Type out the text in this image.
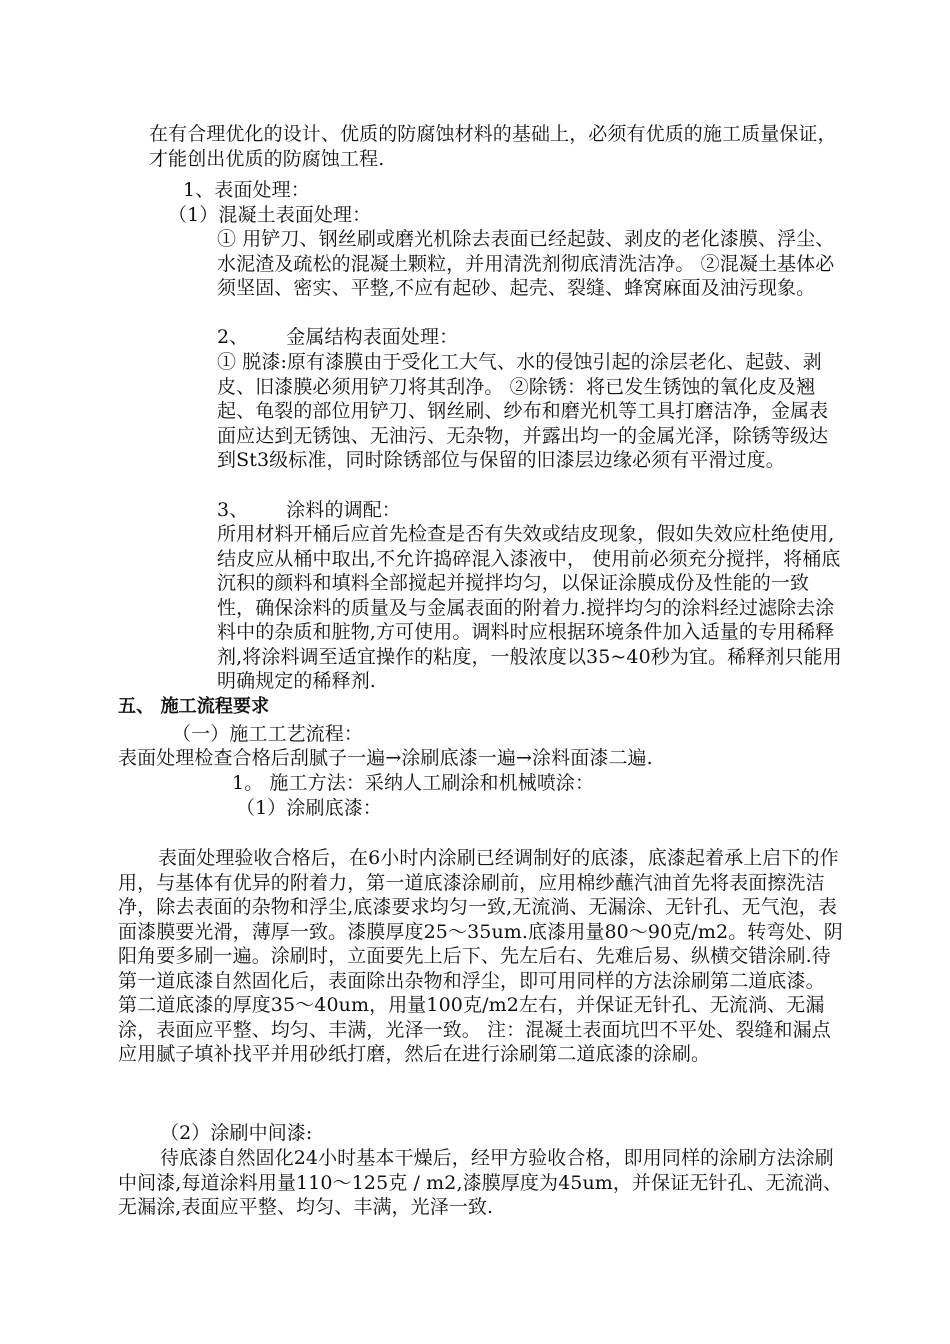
在有合理优化的设计、优质的防腐蚀材料的基础上，必须有优质的施工质量保证，才能创出优质的防腐蚀工程.

1、表面处理：

（1）混凝土表面处理：

① 用铲刀、钢丝刷或磨光机除去表面已经起鼓、剥皮的老化漆膜、浮尘、水泥渣及疏松的混凝土颗粒，并用清洗剂彻底清洗洁净。 ②混凝土基体必须坚固、密实、平整,不应有起砂、起壳、裂缝、蜂窝麻面及油污现象。

2、 金属结构表面处理：

① 脱漆:原有漆膜由于受化工大气、水的侵蚀引起的涂层老化、起鼓、剥皮、旧漆膜必须用铲刀将其刮净。 ②除锈：将已发生锈蚀的氧化皮及翘起、龟裂的部位用铲刀、钢丝刷、纱布和磨光机等工具打磨洁净，金属表面应达到无锈蚀、无油污、无杂物，并露出均一的金属光泽，除锈等级达到St3级标准，同时除锈部位与保留的旧漆层边缘必须有平滑过度。

3、 涂料的调配：

所用材料开桶后应首先检查是否有失效或结皮现象，假如失效应杜绝使用,结皮应从桶中取出,不允许捣碎混入漆液中， 使用前必须充分搅拌，将桶底沉积的颜料和填料全部搅起并搅拌均匀，以保证涂膜成份及性能的一致性，确保涂料的质量及与金属表面的附着力.搅拌均匀的涂料经过滤除去涂料中的杂质和脏物,方可使用。调料时应根据环境条件加入适量的专用稀释剂,将涂料调至适宜操作的粘度，一般浓度以35~40秒为宜。稀释剂只能用明确规定的稀释剂.

五、 施工流程要求

（一）施工工艺流程：

表面处理检查合格后刮腻子一遍→涂刷底漆一遍→涂料面漆二遍.

1。 施工方法：采纳人工刷涂和机械喷涂：

（1）涂刷底漆：

表面处理验收合格后，在6小时内涂刷已经调制好的底漆，底漆起着承上启下的作用，与基体有优异的附着力，第一道底漆涂刷前，应用棉纱蘸汽油首先将表面擦洗洁净，除去表面的杂物和浮尘,底漆要求均匀一致,无流淌、无漏涂、无针孔、无气泡，表面漆膜要光滑，薄厚一致。漆膜厚度25～35um.底漆用量80～90克/m2。转弯处、阴阳角要多刷一遍。涂刷时，立面要先上后下、先左后右、先难后易、纵横交错涂刷.待第一道底漆自然固化后，表面除出杂物和浮尘，即可用同样的方法涂刷第二道底漆。第二道底漆的厚度35～40um，用量100克/m2左右，并保证无针孔、无流淌、无漏涂，表面应平整、均匀、丰满，光泽一致。 注：混凝土表面坑凹不平处、裂缝和漏点应用腻子填补找平并用砂纸打磨，然后在进行涂刷第二道底漆的涂刷。

（2）涂刷中间漆:

待底漆自然固化24小时基本干燥后，经甲方验收合格，即用同样的涂刷方法涂刷中间漆,每道涂料用量110～125克 / m2,漆膜厚度为45um，并保证无针孔、无流淌、无漏涂,表面应平整、均匀、丰满，光泽一致.
